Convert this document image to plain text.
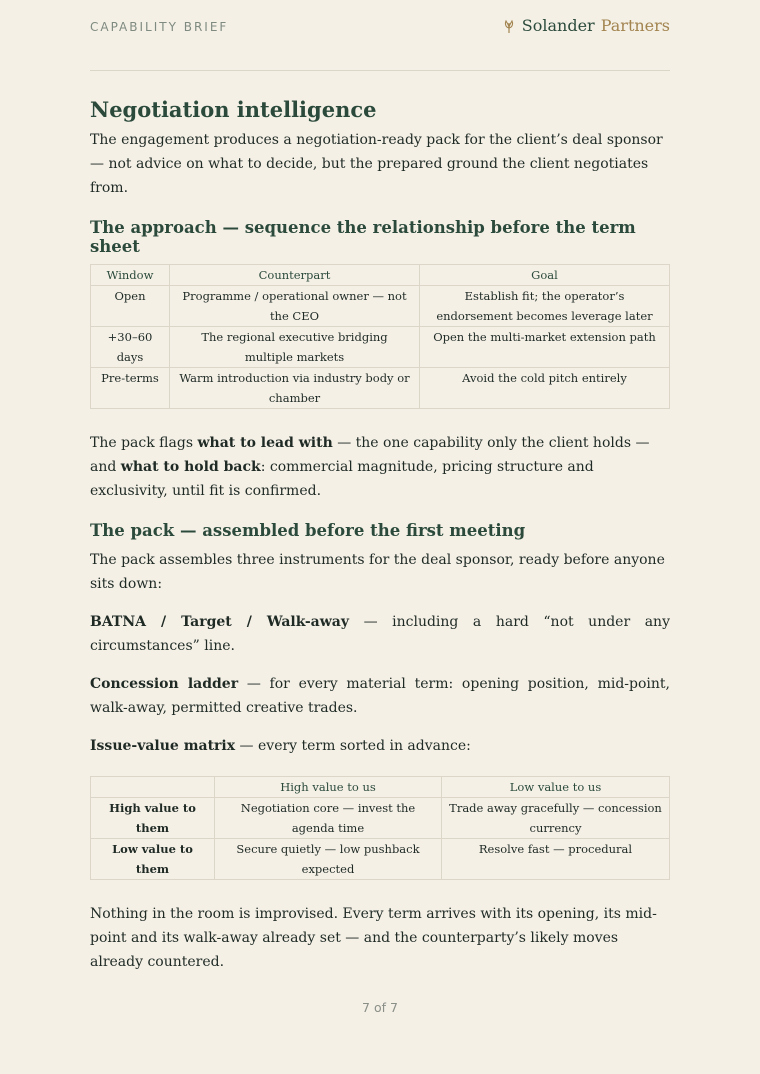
CAPABILITY BRIEF	Solander Partners
Negotiation intelligence

The engagement produces a negotiation-ready pack for the client’s deal sponsor — not advice on what to decide, but the prepared ground the client negotiates from.

The approach — sequence the relationship before the term sheet
Window	Counterpart	Goal
Open	Programme / operational owner — not the CEO	Establish fit; the operator’s endorsement becomes leverage later
+30–60 days	The regional executive bridging multiple markets	Open the multi-market extension path
Pre-terms	Warm introduction via industry body or chamber	Avoid the cold pitch entirely

The pack flags what to lead with — the one capability only the client holds — and what to hold back: commercial magnitude, pricing structure and exclusivity, until fit is confirmed.

The pack — assembled before the first meeting

The pack assembles three instruments for the deal sponsor, ready before anyone sits down:

BATNA / Target / Walk-away — including a hard “not under any circumstances” line.

Concession ladder — for every material term: opening position, mid-point, walk-away, permitted creative trades.

Issue-value matrix — every term sorted in advance:

	High value to us	Low value to us
High value to them	Negotiation core — invest the agenda time	Trade away gracefully — concession currency
Low value to them	Secure quietly — low pushback expected	Resolve fast — procedural

Nothing in the room is improvised. Every term arrives with its opening, its mid-point and its walk-away already set — and the counterparty’s likely moves already countered.

7 of 7
